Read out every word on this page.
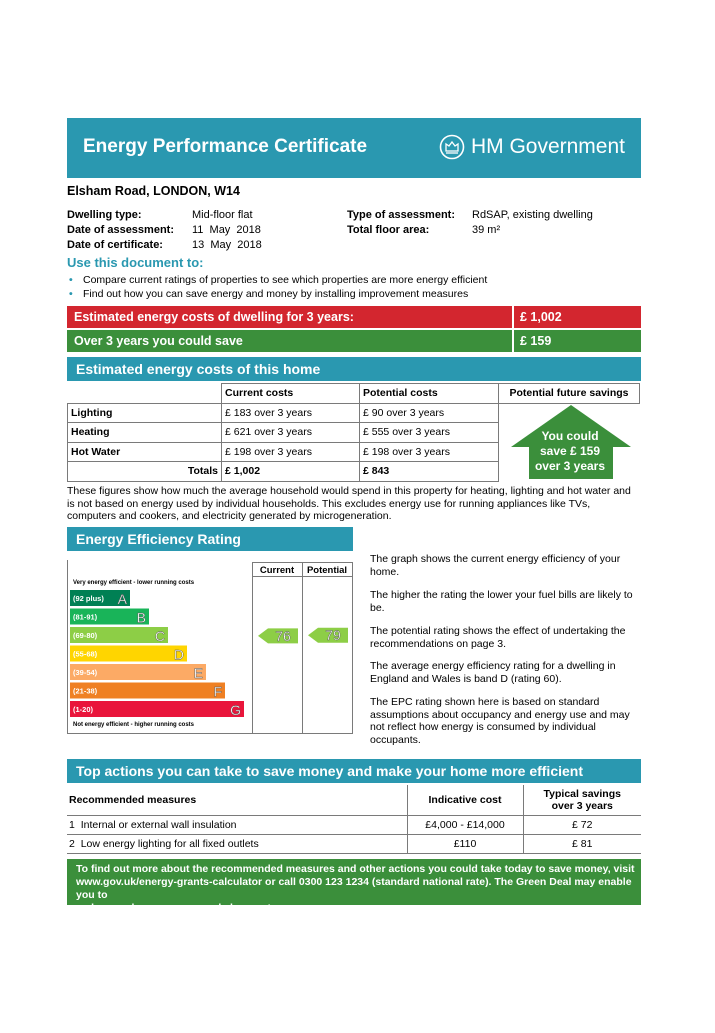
Energy Performance Certificate	HM Government
Elsham Road, LONDON, W14
Dwelling type:	Mid-floor flat
Date of assessment: 11  May  2018
Date of certificate:	13  May  2018
Type of assessment: RdSAP, existing dwelling
Total floor area:	39 m²
Use this document to:
• Compare current ratings of properties to see which properties are more energy efficient
• Find out how you can save energy and money by installing improvement measures
Estimated energy costs of dwelling for 3 years:	£ 1,002
Over 3 years you could save	£ 159
Estimated energy costs of this home
	Current costs	Potential costs	Potential future savings
Lighting	£ 183 over 3 years	£ 90 over 3 years	
Heating	£ 621 over 3 years	£ 555 over 3 years	
Hot Water	£ 198 over 3 years	£ 198 over 3 years	
Totals	£ 1,002	£ 843	
You could
save £ 159
over 3 years
These figures show how much the average household would spend in this property for heating, lighting and hot water and is not based on energy used by individual households. This excludes energy use for running appliances like TVs, computers and cookers, and electricity generated by microgeneration.
Energy Efficiency Rating
Current Potential
Very energy efficient - lower running costs
Not energy efficient - higher running costs
(92 plus) A
(81-91)	B
(69-80)	C
(55-68)	D
(39-54)	E
(21-38)	F
(1-20)	G
76 79
The graph shows the current energy efficiency of your home.
The higher the rating the lower your fuel bills are likely to be.
The potential rating shows the effect of undertaking the recommendations on page 3.
The average energy efficiency rating for a dwelling in England and Wales is band D (rating 60).
The EPC rating shown here is based on standard assumptions about occupancy and energy use and may not reflect how energy is consumed by individual occupants.
Top actions you can take to save money and make your home more efficient
Recommended measures	Indicative cost	Typical savings
over 3 years

1 Internal or external wall insulation	£4,000 - £14,000	£ 72
2 Low energy lighting for all fixed outlets	£110	£ 81
To find out more about the recommended measures and other actions you could take today to save money, visit
www.gov.uk/energy-grants-calculator or call 0300 123 1234 (standard national rate). The Green Deal may enable you to
make your home warmer and cheaper to run.
